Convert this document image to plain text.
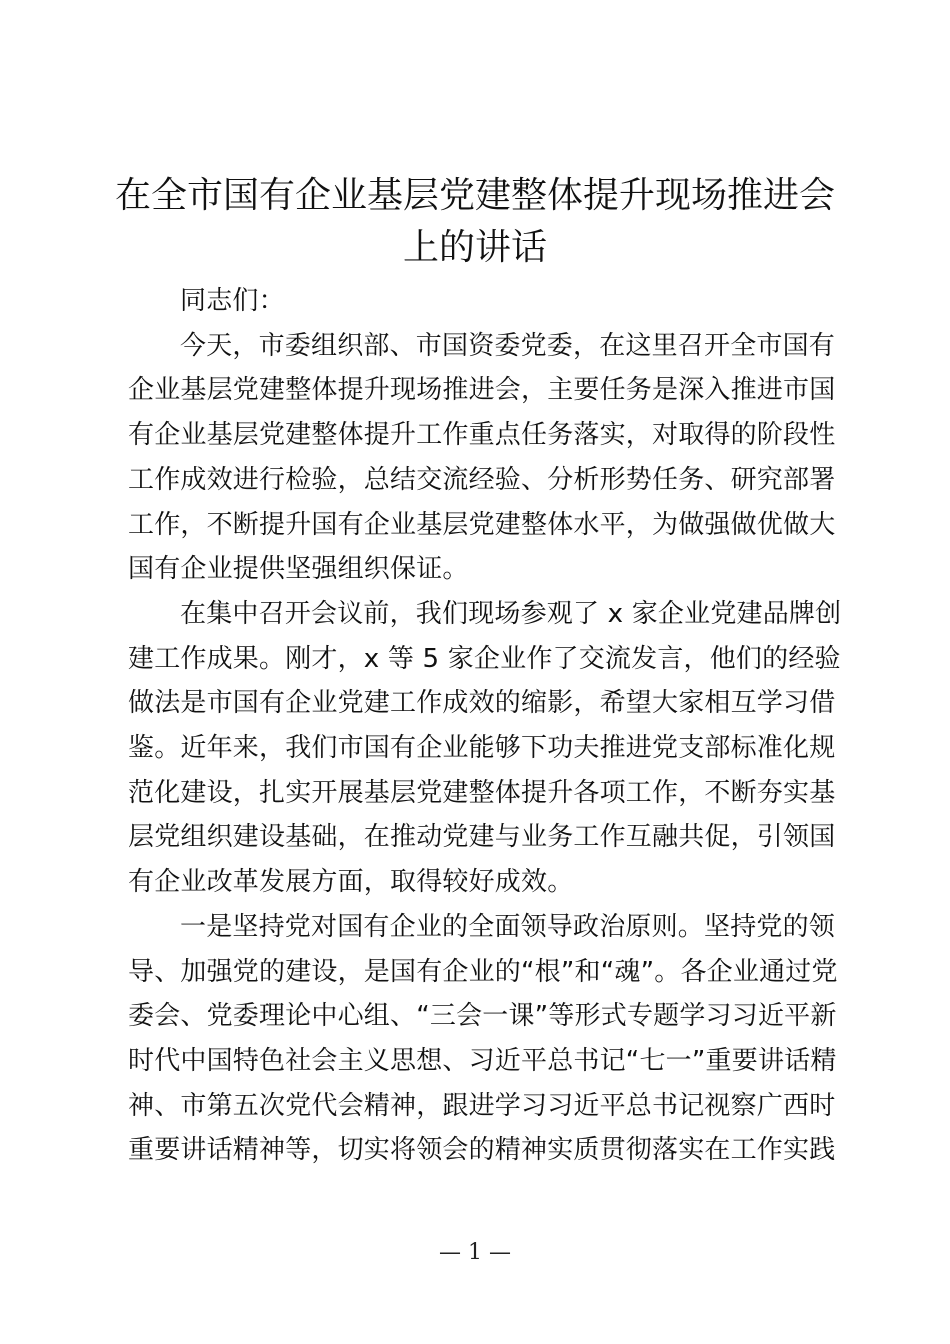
在全市国有企业基层党建整体提升现场推进会
上的讲话
同志们：
今天，市委组织部、市国资委党委，在这里召开全市国有
企业基层党建整体提升现场推进会，主要任务是深入推进市国
有企业基层党建整体提升工作重点任务落实，对取得的阶段性
工作成效进行检验，总结交流经验、分析形势任务、研究部署
工作，不断提升国有企业基层党建整体水平，为做强做优做大
国有企业提供坚强组织保证。
在集中召开会议前，我们现场参观了 x 家企业党建品牌创
建工作成果。刚才，x 等 5 家企业作了交流发言，他们的经验
做法是市国有企业党建工作成效的缩影，希望大家相互学习借
鉴。近年来，我们市国有企业能够下功夫推进党支部标准化规
范化建设，扎实开展基层党建整体提升各项工作，不断夯实基
层党组织建设基础，在推动党建与业务工作互融共促，引领国
有企业改革发展方面，取得较好成效。
一是坚持党对国有企业的全面领导政治原则。坚持党的领
导、加强党的建设，是国有企业的“根”和“魂”。各企业通过党
委会、党委理论中心组、“三会一课”等形式专题学习习近平新
时代中国特色社会主义思想、习近平总书记“七一”重要讲话精
神、市第五次党代会精神，跟进学习习近平总书记视察广西时
重要讲话精神等，切实将领会的精神实质贯彻落实在工作实践
— 1 —
